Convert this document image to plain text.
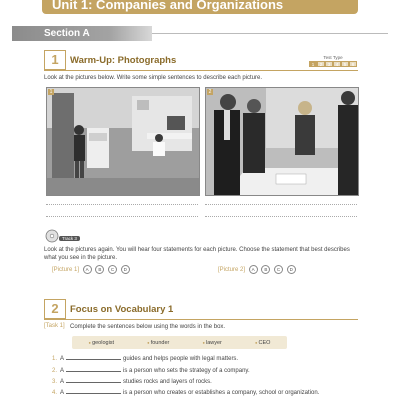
Unit 1: Companies and Organizations
Section A
1	Warm-Up: Photographs	Test Type
1	2	3	4	5	6
Look at the pictures below. Write some simple sentences to describe each picture.
1	2
Track 3
Look at the pictures again. You will hear four statements for each picture. Choose the statement that best describes what you see in the picture.
[Picture 1] A B C D	[Picture 2] A B C D
2	Focus on Vocabulary 1
[Task 1] Complete the sentences below using the words in the box.
● geologist	● founder	● lawyer	● CEO
1. A	guides and helps people with legal matters.
2. A	is a person who sets the strategy of a company.
3. A	studies rocks and layers of rocks.
4. A	is a person who creates or establishes a company, school or organization.
